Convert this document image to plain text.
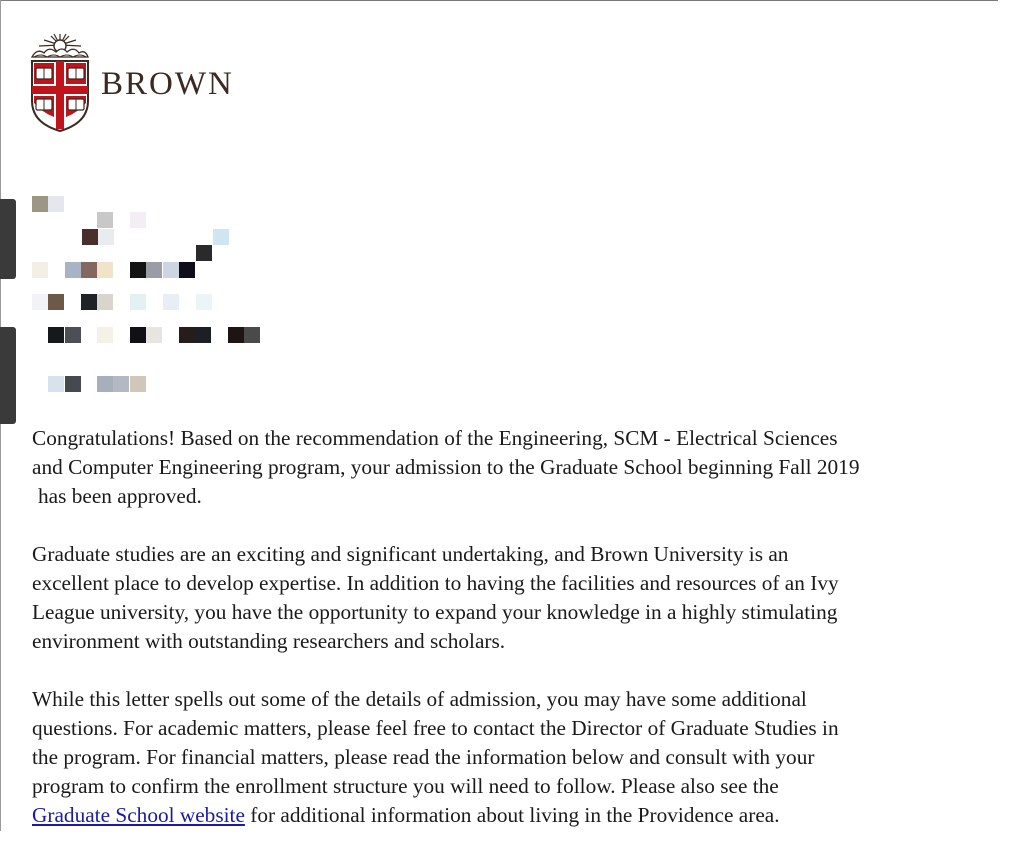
BROWN

Congratulations! Based on the recommendation of the Engineering, SCM - Electrical Sciences
and Computer Engineering program, your admission to the Graduate School beginning Fall 2019
has been approved.

Graduate studies are an exciting and significant undertaking, and Brown University is an
excellent place to develop expertise. In addition to having the facilities and resources of an Ivy
League university, you have the opportunity to expand your knowledge in a highly stimulating
environment with outstanding researchers and scholars.

While this letter spells out some of the details of admission, you may have some additional
questions. For academic matters, please feel free to contact the Director of Graduate Studies in
the program. For financial matters, please read the information below and consult with your
program to confirm the enrollment structure you will need to follow. Please also see the
Graduate School website for additional information about living in the Providence area.
